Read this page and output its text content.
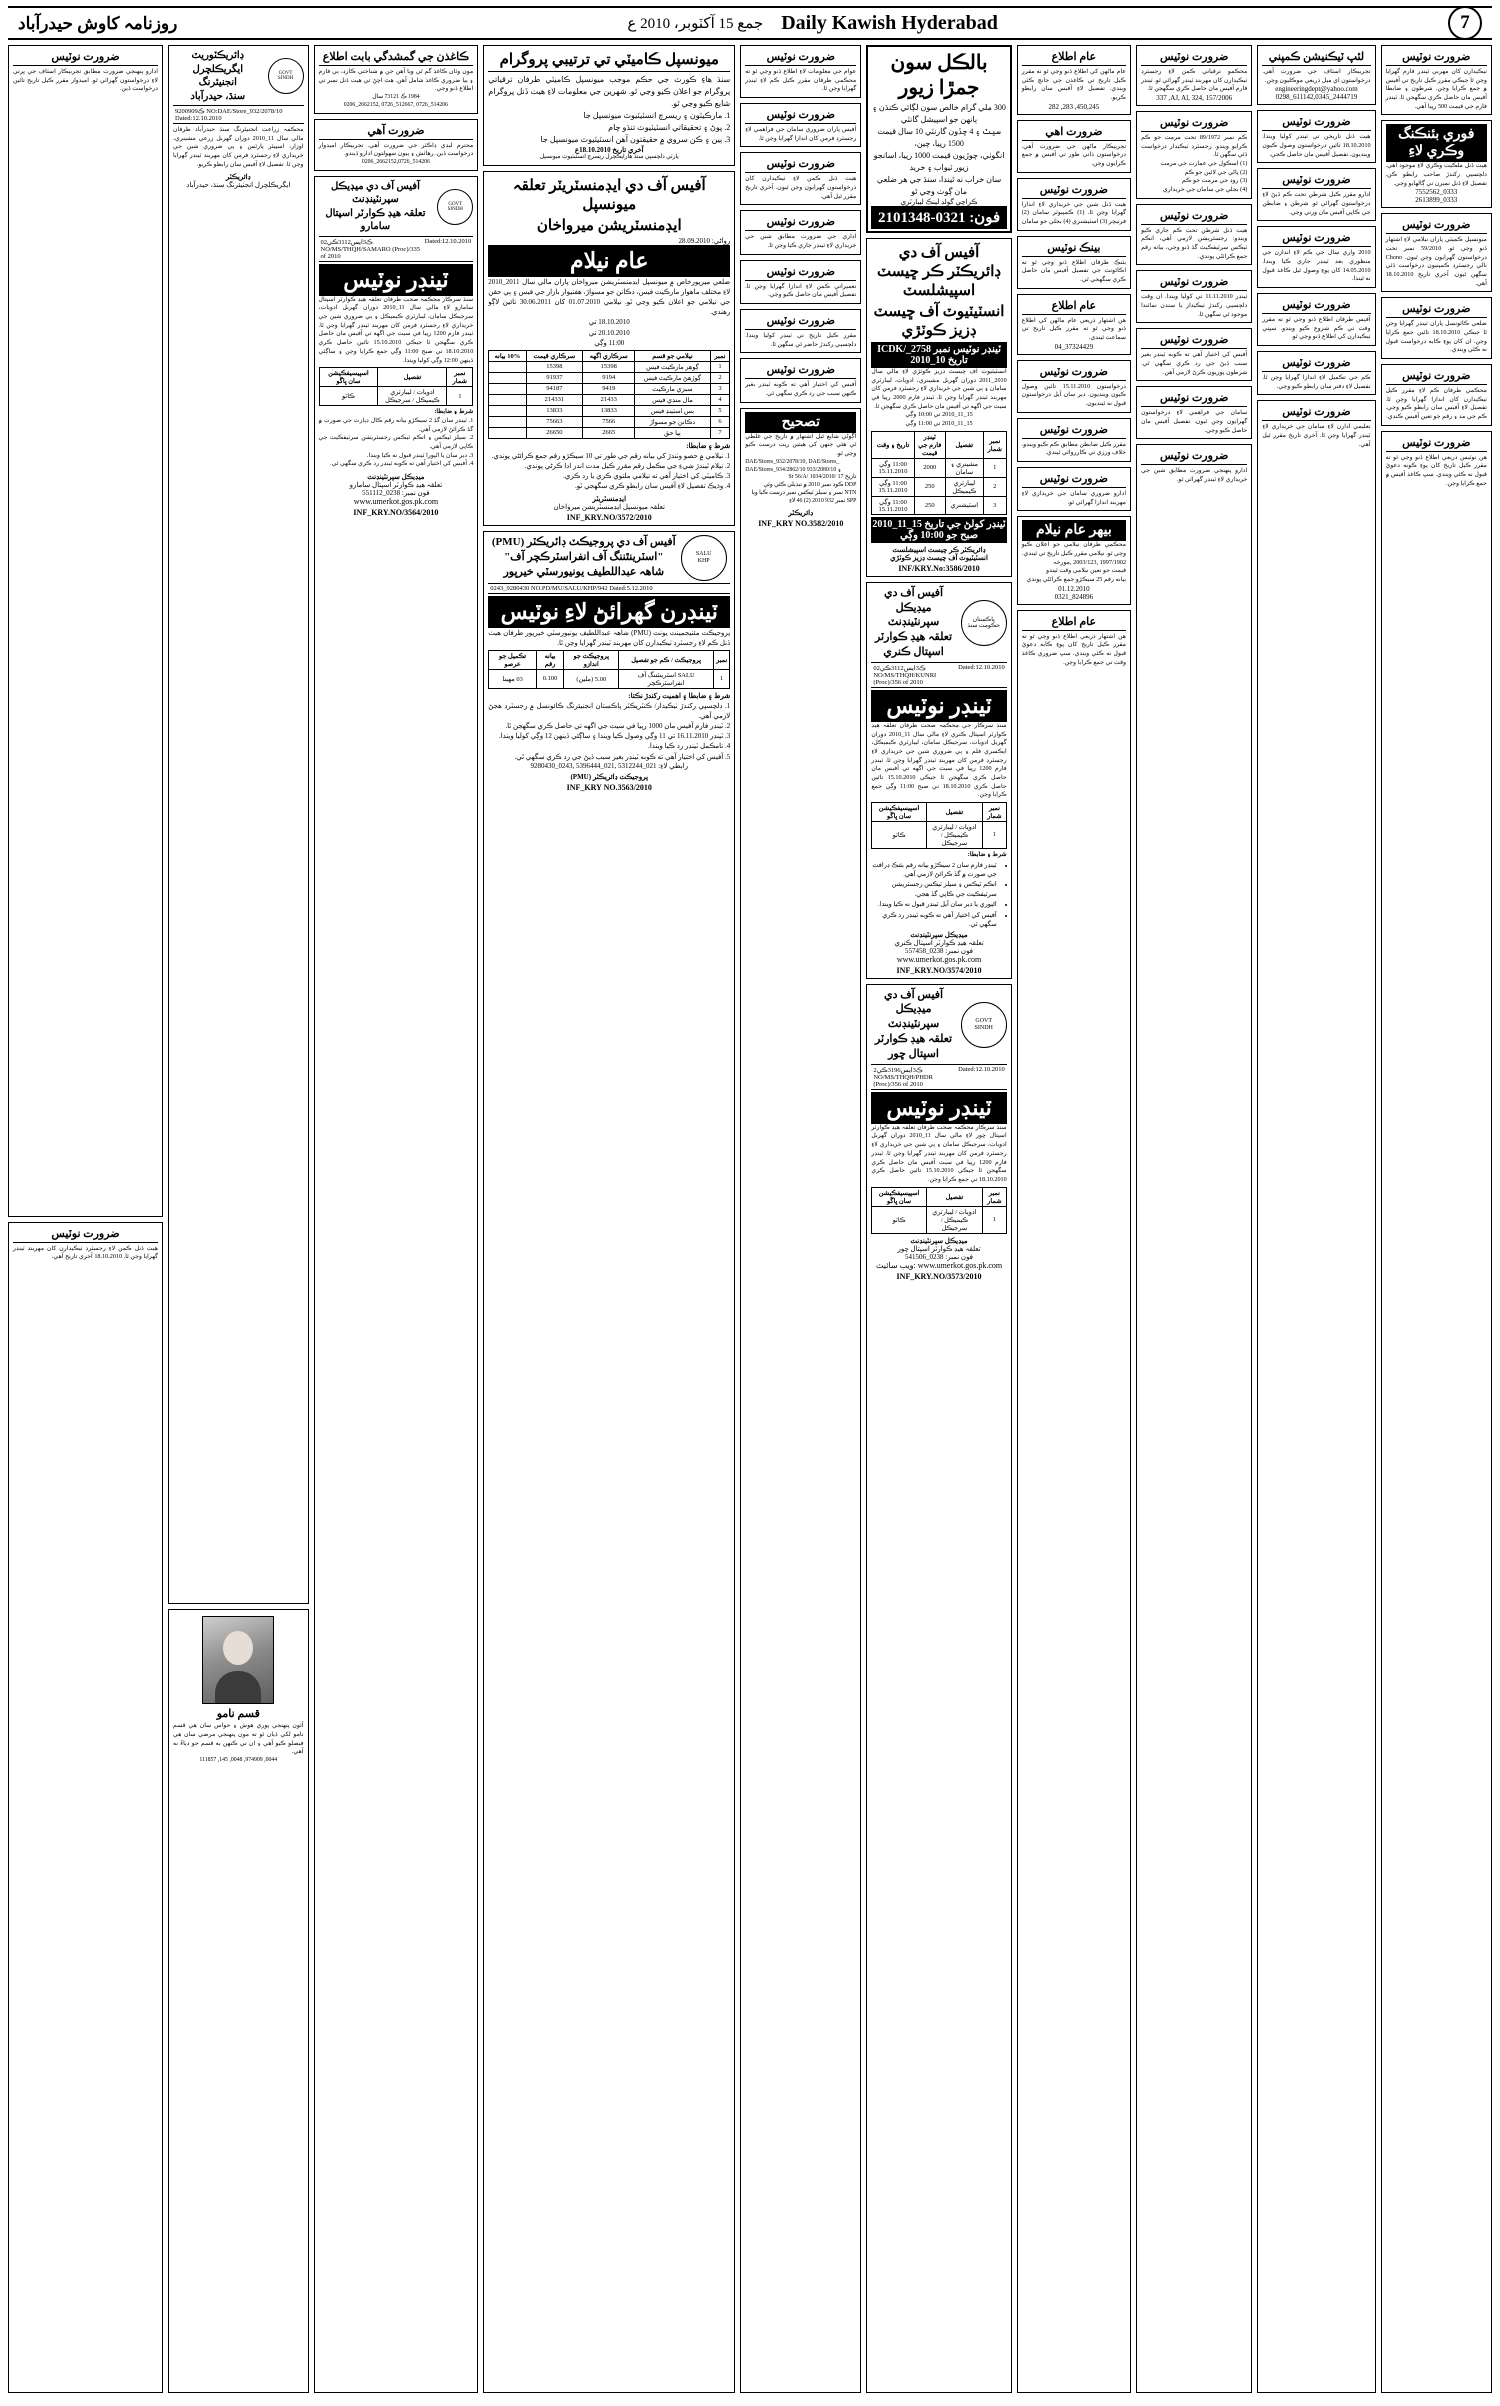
روزنامہ کاوش حیدرآباد	جمع 15 آکٽوبر، 2010 ع Daily Kawish Hyderabad	7
ضرورت نوٽيس
ٺيڪيدارن کان مهربي ٽينڊر فارم گهرايا وڃن ٿا جيڪي مقرر ڪيل تاريخ تي آفيس ۾ جمع ڪرايا وڃن. شرطون ۽ ضابطا آفيس مان حاصل ڪري سگهجن ٿا. ٽينڊر فارم جي قيمت 500 رپيا آهي.
فوري بئنڪنگ وڪري لاءِ
هيٺ ڏنل ملڪيت وڪري لاءِ موجود آهي. دلچسپي رکندڙ صاحب رابطو ڪن. تفصيل لاءِ ڏنل نمبرن تي ڳالهايو وڃي.
0333_7552562
0333_2613899
ضرورت نوٽيس
ميونسپل ڪميٽي پاران نيلامي لاءِ اشتهار ڏنو وڃي ٿو. 59/2010 نمبر تحت درخواستون گهرايون وڃن ٿيون. Chono نالي رجسٽرڊ ڪمپنيون درخواست ڏئي سگهن ٿيون. آخري تاريخ 18.10.2010 آهي.
ضرورت نوٽيس
ضلعي ڪائونسل پاران ٽينڊر گهرايا وڃن ٿا جيڪي 18.10.2010 تائين جمع ڪرايا وڃن. ان کان پوءِ ڪابه درخواست قبول نه ڪئي ويندي.
ضرورت نوٽيس
محڪمي طرفان ڪم لاءِ مقرر ڪيل ٺيڪيدارن کان اندازا گهرايا وڃن ٿا. تفصيل لاءِ آفيس سان رابطو ڪيو وڃي. ڪم جي مد ۽ رقم جو تعين آفيس ڪندي.
ضرورت نوٽيس
هن نوٽيس ذريعي اطلاع ڏنو وڃي ٿو ته مقرر ڪيل تاريخ کان پوءِ ڪوبه دعويٰ قبول نه ڪئي ويندي. سڀ ڪاغذ آفيس ۾ جمع ڪرايا وڃن.
لئپ ٽيڪنيشن ڪمپني
تجربيڪار اسٽاف جي ضرورت آهي. درخواستون اي ميل ذريعي موڪليون وڃن.
engineeringdept@yahoo.com
0298_611142,0345_2444719
ضرورت نوٽيس
هيٺ ڏنل تاريخن تي ٽينڊر کوليا ويندا. 18.10.2010 تائين درخواستون وصول ڪيون وينديون. تفصيل آفيس مان حاصل ڪجي.
ضرورت نوٽيس
ادارو مقرر ڪيل شرطن تحت ڪم ڏيڻ لاءِ درخواستون گهرائي ٿو. شرطن ۽ ضابطن جي ڪاپي آفيس مان ورتي وڃي.
ضرورت نوٽيس
2010 واري سال جي ڪم لاءِ اندازن جي منظوري بعد ٽينڊر جاري ڪيا ويندا. 14.05.2010 کان پوءِ وصول ٿيل ڪاغذ قبول نه ٿيندا.
ضرورت نوٽيس
آفيس طرفان اطلاع ڏنو وڃي ٿو ته مقرر وقت تي ڪم شروع ڪيو ويندو. سڀني ٺيڪيدارن کي اطلاع ڏنو وڃي ٿو.
ضرورت نوٽيس
ڪم جي تڪميل لاءِ اندازا گهرايا وڃن ٿا. تفصيل لاءِ دفتر سان رابطو ڪيو وڃي.
ضرورت نوٽيس
تعليمي ادارن لاءِ سامان جي خريداري لاءِ ٽينڊر گهرايا وڃن ٿا. آخري تاريخ مقرر ٿيل آهي.
ضرورت نوٽيس
محڪمو ترقياتي ڪمن لاءِ رجسٽرڊ ٺيڪيدارن کان مهربند ٽينڊر گهرائي ٿو. ٽينڊر فارم آفيس مان حاصل ڪري سگهجن ٿا.
337 ,AJ, Al, 324, 157/2006
ضرورت نوٽيس
ڪم نمبر 89/1972 تحت مرمت جو ڪم ڪرايو ويندو. رجسٽرڊ ٺيڪيدار درخواست ڏئي سگهن ٿا.
(1) اسڪول جي عمارت جي مرمت
(2) پاڻي جي لائين جو ڪم
(3) روڊ جي مرمت جو ڪم
(4) بجلي جي سامان جي خريداري
ضرورت نوٽيس
هيٺ ڏنل شرطن تحت ڪم جاري ڪيو ويندو: رجسٽريشن لازمي آهي، انڪم ٽيڪس سرٽيفڪيٽ گڏ ڏنو وڃي، بيانه رقم جمع ڪرائڻي پوندي.
ضرورت نوٽيس
ٽينڊر 11.11.2010 تي کوليا ويندا. ان وقت دلچسپي رکندڙ ٺيڪيدار يا سندن نمائندا موجود ٿي سگهن ٿا.
ضرورت نوٽيس
آفيس کي اختيار آهي ته ڪوبه ٽينڊر بغير سبب ڏيڻ جي رد ڪري سگهي ٿي. شرطون پوريون ڪرڻ لازمي آهن.
ضرورت نوٽيس
سامان جي فراهمي لاءِ درخواستون گهرايون وڃن ٿيون. تفصيل آفيس مان حاصل ڪيو وڃي.
ضرورت نوٽيس
ادارو پنهنجي ضرورت مطابق شين جي خريداري لاءِ ٽينڊر گهرائي ٿو.
عام اطلاع
عام ماڻهن کي اطلاع ڏنو وڃي ٿو ته مقرر ڪيل تاريخ تي ڪاغذن جي جانچ ڪئي ويندي. تفصيل لاءِ آفيس سان رابطو ڪريو.
282 ,283 ,450,245
ضرورت اهي
تجربيڪار ماڻهن جي ضرورت آهي. درخواستون ذاتي طور تي آفيس ۾ جمع ڪرايون وڃن.
ضرورت نوٽيس
هيٺ ڏنل شين جي خريداري لاءِ اندازا گهرايا وڃن ٿا. (1) ڪمپيوٽر سامان (2) فرنيچر (3) اسٽيشنري (4) بجلي جو سامان
بينڪ نوٽيس
بئنڪ طرفان اطلاع ڏنو وڃي ٿو ته اڪائونٽ جي تفصيل آفيس مان حاصل ڪري سگهجي ٿي.
عام اطلاع
هن اشتهار ذريعي عام ماڻهن کي اطلاع ڏنو وڃي ٿو ته مقرر ڪيل تاريخ تي سماعت ٿيندي.
04_37324429
ضرورت نوٽيس
درخواستون 15.11.2010 تائين وصول ڪيون وينديون. دير سان آيل درخواستون قبول نه ٿينديون.
ضرورت نوٽيس
مقرر ڪيل ضابطن مطابق ڪم ڪيو ويندو. خلاف ورزي تي ڪارروائي ٿيندي.
ضرورت نوٽيس
ادارو ضروري سامان جي خريداري لاءِ مهربند اندازا گهرائي ٿو.
بيهر عام نيلام
محڪمي طرفان نيلامي جو اعلان ڪيو وڃي ٿو. نيلامي مقرر ڪيل تاريخ تي ٿيندي.
1997/1902 ,2003/123 ,مورخہ
قيمت جو تعين نيلامي وقت ٿيندو
بيانه رقم 25 سيڪڙو جمع ڪرائڻي پوندي
01.12.2010
0321_824896
عام اطلاع
هن اشتهار ذريعي اطلاع ڏنو وڃي ٿو ته مقرر ڪيل تاريخ کان پوءِ ڪابه دعويٰ قبول نه ڪئي ويندي. سڀ ضروري ڪاغذ وقت تي جمع ڪرايا وڃن.
بالڪل سون جمڙا زيور
300 ملي گرام خالص سون لڳائي ڪنڌن ۽ ٻانهن جو اسپيشل گانٽي
سيٽ ۽ 4 ڇڏون گارنٽي 10 سال قيمت 1500 رپيا، چين،
انگوٺي، چوڙيون قيمت 1000 رپيا، اسانجو زيور ٽيواب ۽ خريد
سان خراب نه ٿيندا، سنڌ جي هر ضلعي مان ڳوٺ وڃي ٿو
ڪراچي گولڊ لينڪ ليبارٽري
فون: 0321-2101348
آفيس آف دي ڊائريڪٽر ڪر ڇيسٽ اسپيشلسٽ
انسٽيٽيوٽ آف ڇيسٽ ڊزيز ڪوٽڙي
ٽينڊر نوٽيس نمبر ICDK/_2758 تاريخ 10_2010
انسٽيٽيوٽ آف چيسٽ ڊزيز ڪوٽڙي لاءِ مالي سال 2010_2011 دوران گهربل مشينري، ادويات، ليبارٽري سامان ۽ ٻي شين جي خريداري لاءِ رجسٽرڊ فرمن کان مهربند ٽينڊر گهرايا وڃن ٿا. ٽينڊر فارم 2000 رپيا في سيٽ جي اگهه تي آفيس مان حاصل ڪري سگهجن ٿا.
15_11_2010 تي 10:00 وڳي
15_11_2010 تي 11:00 وڳي
نمبر شمار	تفصيل	ٽينڊر فارم جي قيمت	تاريخ ۽ وقت
1	مشينري ۽ سامان	2000	11:00 وڳي 15.11.2010
2	ليبارٽري ڪيميڪل	250	11:00 وڳي 15.11.2010
3	اسٽيشنري	250	11:00 وڳي 15.11.2010
ٽينڊر کولڻ جي تاريخ 15_11_2010 صبح جو 10:00 وڳي
ڊائريڪٽر ڪر چيسٽ اسپيشلسٽ
انسٽيٽيوٽ آف چيسٽ ڊزيز ڪوٽڙي
INF/KRY.No:3586/2010
پاڪستان حڪومت سنڌ
آفيس آف دي ميڊيڪل سپرنٽينڊنٽ
تعلقہ هيڊ ڪوارٽر اسپتال ڪنري
02ڪ3ايس3112ڪي NO/MS/THQH/KUNRI (Proc)/356 of 2010
Dated:12.10.2010
ٽينڊر نوٽيس
سنڌ سرڪار جي محڪمہ صحت طرفان تعلقہ هيڊ ڪوارٽر اسپتال ڪنري لاءِ مالي سال 11_2010 دوران گهربل ادويات، سرجيڪل سامان، ليبارٽري ڪيميڪل، ايڪسري فلم ۽ ٻي ضروري شين جي خريداري لاءِ رجسٽرڊ فرمن کان مهربند ٽينڊر گهرايا وڃن ٿا. ٽينڊر فارم 1200 رپيا في سيٽ جي اگهه تي آفيس مان حاصل ڪري سگهجن ٿا جيڪي 15.10.2010 تائين حاصل ڪري 18.10.2010 تي صبح 11:00 وڳي جمع ڪرايا وڃن.
نمبر شمار	تفصيل	اسپيسيفڪيشن سان ڀاڱو
1	ادويات / ليبارٽري ڪيميڪل / سرجيڪل	ڪاٽو
شرط ۽ ضابطا:
• ٽينڊر فارم سان 2 سيڪڙو بيانه رقم بئنڪ ڊرافٽ جي صورت ۾ گڏ ڪرائڻ لازمي آهي.
• انڪم ٽيڪس ۽ سيلز ٽيڪس رجسٽريشن سرٽيفڪيٽ جي ڪاپي گڏ هجي.
• اڻپوري يا دير سان آيل ٽينڊر قبول نه ڪيا ويندا.
• آفيس کي اختيار آهي ته ڪوبه ٽينڊر رد ڪري سگهي ٿي.
ميڊيڪل سپرنٽينڊنٽ
تعلقہ هيڊ ڪوارٽر اسپتال ڪنري
فون نمبر: 0238_557458
www.umerkot.gos.pk.com
INF_KRY.NO/3574/2010
GOVT
SINDH
آفيس آف دي ميڊيڪل سپرنٽينڊنٽ
تعلقہ هيڊ ڪوارٽر اسپتال ڇور
2ڪ3ايس3196ڪي NO/MS/THQH/PHDR (Proc)/356 of 2010
Dated:12.10.2010
ٽينڊر نوٽيس
سنڌ سرڪار محڪمہ صحت طرفان تعلقہ هيڊ ڪوارٽر اسپتال ڇور لاءِ مالي سال 11_2010 دوران گهربل ادويات، سرجيڪل سامان ۽ ٻي شين جي خريداري لاءِ رجسٽرڊ فرمن کان مهربند ٽينڊر گهرايا وڃن ٿا. ٽينڊر فارم 1200 رپيا في سيٽ آفيس مان حاصل ڪري سگهجن ٿا جيڪي 15.10.2010 تائين حاصل ڪري 18.10.2010 تي جمع ڪرايا وڃن.
نمبر شمار	تفصيل	اسپيسيفڪيشن سان ڀاڱو
1	ادويات / ليبارٽري ڪيميڪل / سرجيڪل	ڪاٽو
ميڊيڪل سپرنٽينڊنٽ
تعلقہ هيڊ ڪوارٽر اسپتال ڇور
فون نمبر: 0238_541506
ويب سائيٽ: www.umerkot.gos.pk.com
INF_KRY.NO/3573/2010
ضرورت نوٽيس
عوام جي معلومات لاءِ اطلاع ڏنو وڃي ٿو ته محڪمي طرفان مقرر ڪيل ڪم لاءِ ٽينڊر گهرايا وڃن ٿا.
ضرورت نوٽيس
آفيس پاران ضروري سامان جي فراهمي لاءِ رجسٽرڊ فرمن کان اندازا گهرايا وڃن ٿا.
ضرورت نوٽيس
هيٺ ڏنل ڪمن لاءِ ٺيڪيدارن کان درخواستون گهرايون وڃن ٿيون. آخري تاريخ مقرر ٿيل آهي.
ضرورت نوٽيس
اداري جي ضرورت مطابق شين جي خريداري لاءِ ٽينڊر جاري ڪيا وڃن ٿا.
ضرورت نوٽيس
تعميراتي ڪمن لاءِ اندازا گهرايا وڃن ٿا. تفصيل آفيس مان حاصل ڪيو وڃي.
ضرورت نوٽيس
مقرر ڪيل تاريخ تي ٽينڊر کوليا ويندا. دلچسپي رکندڙ حاضر ٿي سگهن ٿا.
ضرورت نوٽيس
آفيس کي اختيار آهي ته ڪوبه ٽينڊر بغير ڪنهن سبب جي رد ڪري سگهي ٿي.
تصحيح
اڳوڻي شايع ٿيل اشتهار ۾ تاريخ جي غلطي ٿي هئي جنهن کي هيٺين ريت درست ڪيو وڃي ٿو.
DAE/Stores_932/2078/10, DAE/Stores_
DAE/Stores_934/2862/10 ۽ 933/2080/10
تاريخ 17 /Sr 56/A/ 1034/2010
DDP ڪوڊ نمبر 2010 ۾ تبديلي ڪئي وئي
NTN نمبر ۽ سيلز ٽيڪس نمبر درست ڪيا ويا
SPP نمبر 932 2010 (2) 46 لاءِ
ڊائريڪٽر
INF_KRY NO.3582/2010
ميونسپل ڪاميٽي تي ترتيبي پروگرام
سنڌ هاءِ ڪورٽ جي حڪم موجب ميونسپل ڪاميٽي طرفان ترقياتي پروگرام جو اعلان ڪيو وڃي ٿو. شهرين جي معلومات لاءِ هيٺ ڏنل پروگرام شايع ڪيو وڃي ٿو.
1. مارڪيٽون ۽ ريسرچ انسٽيٽيوٽ ميونسپل جا
2. پوڻ ۽ تحقيقاتي انسٽيٽيوٽ تنڌو چام
3. ٻين ۽ ڪن سروي ۾ حقيقتون آهن انسٽيٽيوٽ ميونسپل جا
آخري تاريخ 18.10.2010ع
پارٽي دلچسپي سنڌ هارايڪچرل ريسرچ انسٽيٽيوٽ ميونسپل
آفيس آف دي ايڊمنسٽريٽر تعلقہ ميونسپل
ايڊمنسٽريشن ميرواخان
رواڻي: 28.09.2010
عام نيلام
ضلعي ميرپورخاص ۾ ميونسپل ايڊمنسٽريشن ميرواخان پاران مالي سال 2011_2010 لاءِ مختلف ماهوار مارڪيٽ فيس، دڪانن جو مسواڙ، هفتيوار بازار جي فيس ۽ ٻي حقن جي نيلامي جو اعلان ڪيو وڃي ٿو. نيلامي 01.07.2010 کان 30.06.2011 تائين لاڳو رهندي.
18.10.2010 تي
20.10.2010 تي
11:00 وڳي
نمبر	نيلامي جو قسم	سرڪاري اگهه	سرڪاري قيمت	10% بيانه
1	ڳوهر مارڪيٽ فيس	15398	15398	
2	ڳوڙهڻ مارڪيٽ فيس	9194	91937	
3	سبزي مارڪيٽ	9419	94187	
4	مال منڊي فيس	21433	214331	
5	بس اسٽينڊ فيس	13833	13833	
6	دڪانن جو مسواڙ	7566	75663	
7	ٻيا حق	2665	26650	
شرط ۽ ضابطا:
1. نيلامي ۾ حصو وٺندڙ کي بيانه رقم جي طور تي 10 سيڪڙو رقم جمع ڪرائڻي پوندي.
2. نيلام ٿيندڙ شيءِ جي مڪمل رقم مقرر ڪيل مدت اندر ادا ڪرڻي پوندي.
3. ڪاميٽي کي اختيار آهي ته نيلامي ملتوي ڪري يا رد ڪري.
4. وڌيڪ تفصيل لاءِ آفيس سان رابطو ڪري سگهجي ٿو.
ايڊمنسٽريٽر
تعلقہ ميونسپل ايڊمنسٽريشن ميرواخان
INF_KRY.NO/3572/2010
SALU
KHP
آفيس آف دي پروجيڪٽ ڊائريڪٽر (PMU)
"اسٽرينٿننگ آف انفراسٽرڪچر آف"
شاهہ عبداللطيف يونيورسٽي خيرپور
0243_9280430 NO.PD/MU/SALU/KHP/942 Dated:5.12.2010
ٽينڊرن گهرائڻ لاءِ نوٽيس
پروجيڪٽ مئنيجمينٽ يونٽ (PMU) شاهہ عبداللطيف يونيورسٽي خيرپور طرفان هيٺ ڏنل ڪم لاءِ رجسٽرڊ ٺيڪيدارن کان مهربند ٽينڊر گهرايا وڃن ٿا.
نمبر	پروجيڪٽ / ڪم جو تفصيل	پروجيڪٽ جو اندازو	بيانه رقم	تڪميل جو عرصو
1	SALU اسٽرينٿننگ آف انفراسٽرڪچر	5.00 (ملين)	0.100	03 مهينا
شرط ۽ ضابطا ۽ اهميت رکندڙ نڪتا:
1. دلچسپي رکندڙ ٺيڪيدار/ ڪنٽريڪٽر پاڪستان انجنيئرنگ ڪائونسل ۾ رجسٽرڊ هجڻ لازمي آهي.
2. ٽينڊر فارم آفيس مان 1000 رپيا في سيٽ جي اگهه تي حاصل ڪري سگهجن ٿا.
3. ٽينڊر 16.11.2010 تي 11 وڳي وصول ڪيا ويندا ۽ ساڳئي ڏينهن 12 وڳي کوليا ويندا.
4. نامڪمل ٽينڊر رد ڪيا ويندا.
5. آفيس کي اختيار آهي ته ڪوبه ٽينڊر بغير سبب ڏيڻ جي رد ڪري سگهي ٿي.
رابطي لاءِ: 021_5312244 ,021_5396444 ,0243_9280430
پروجيڪٽ ڊائريڪٽر (PMU)
INF_KRY NO.3563/2010
ڪاغذن جي گمشدگي بابت اطلاع
مون وٽان ڪاغذ گم ٿي ويا آهن جن ۾ شناختي ڪارڊ، بي فارم ۽ ٻيا ضروري ڪاغذ شامل آهن. هٿ اچڻ تي هيٺ ڏنل نمبر تي اطلاع ڏنو وڃي.
1984 ڪ 73121 سال
0206_2662152, 0726_512667, 0726_514206
ضرورت آهي
محترم ليڊي ڊاڪٽر جي ضرورت آهي. تجربيڪار اميدوار درخواست ڏين. رهائش ۽ ٻيون سهولتون ادارو ڏيندو.
0206_2662152,0726_514206
GOVT
SINDH
آفيس آف دي ميڊيڪل سپرنٽينڊنٽ
تعلقہ هيڊ ڪوارٽر اسپتال سامارو
02ڪ3ايس3112ڪي NO/MS/THQH/SAMARO (Proc)/335 of 2010
Dated:12.10.2010
ٽينڊر نوٽيس
سنڌ سرڪار محڪمہ صحت طرفان تعلقہ هيڊ ڪوارٽر اسپتال سامارو لاءِ مالي سال 11_2010 دوران گهربل ادويات، سرجيڪل سامان، ليبارٽري ڪيميڪل ۽ ٻي ضروري شين جي خريداري لاءِ رجسٽرڊ فرمن کان مهربند ٽينڊر گهرايا وڃن ٿا. ٽينڊر فارم 1200 رپيا في سيٽ جي اگهه تي آفيس مان حاصل ڪري سگهجن ٿا جيڪي 15.10.2010 تائين حاصل ڪري 18.10.2010 تي صبح 11:00 وڳي جمع ڪرايا وڃن ۽ ساڳئي ڏينهن 12:00 وڳي کوليا ويندا.
نمبر شمار	تفصيل	اسپيسيفڪيشن سان ڀاڱو
1	ادويات / ليبارٽري ڪيميڪل / سرجيڪل	ڪاٽو
شرط ۽ ضابطا:
1. ٽينڊر سان گڏ 2 سيڪڙو بيانه رقم ڪال ڊپازٽ جي صورت ۾ گڏ ڪرائڻ لازمي آهي.
2. سيلز ٽيڪس ۽ انڪم ٽيڪس رجسٽريشن سرٽيفڪيٽ جي ڪاپي لازمي آهي.
3. دير سان يا اڻپورا ٽينڊر قبول نه ڪيا ويندا.
4. آفيس کي اختيار آهي ته ڪوبه ٽينڊر رد ڪري سگهي ٿي.
ميڊيڪل سپرنٽينڊنٽ
تعلقہ هيڊ ڪوارٽر اسپتال سامارو
فون نمبر: 0238_551112
www.umerkot.gos.pk.com
INF_KRY.NO/3564/2010
GOVT
SINDH
ڊائريڪٽوريٽ ايگريڪلچرل انجنيئرنگ
سنڌ، حيدرآباد
9200909ڪ NO:DAE/Store_932/2078/10 Dated:12.10.2010
محڪمہ زراعت انجنيئرنگ سنڌ حيدرآباد طرفان مالي سال 11_2010 دوران گهربل زرعي مشينري، اوزار، اسپيئر پارٽس ۽ ٻي ضروري شين جي خريداري لاءِ رجسٽرڊ فرمن کان مهربند ٽينڊر گهرايا وڃن ٿا. تفصيل لاءِ آفيس سان رابطو ڪريو.
ڊائريڪٽر
ايگريڪلچرل انجنيئرنگ سنڌ، حيدرآباد
قسم نامو
آئون پنهنجي پوري هوش ۽ حواس سان هي قسم نامو لکي ڏيان ٿو ته مون پنهنجي مرضي سان هي فيصلو ڪيو آهي ۽ ان تي ڪنهن به قسم جو دٻاءُ نه آهي.
111857 ,145 ,0048 ,974909 ,0044
ضرورت نوٽيس
ادارو پنهنجي ضرورت مطابق تجربيڪار اسٽاف جي ڀرتي لاءِ درخواستون گهرائي ٿو. اميدوار مقرر ڪيل تاريخ تائين درخواست ڏين.
ضرورت نوٽيس
هيٺ ڏنل ڪمن لاءِ رجسٽرڊ ٺيڪيدارن کان مهربند ٽينڊر گهرايا وڃن ٿا. 18.10.2010 آخري تاريخ آهي.
